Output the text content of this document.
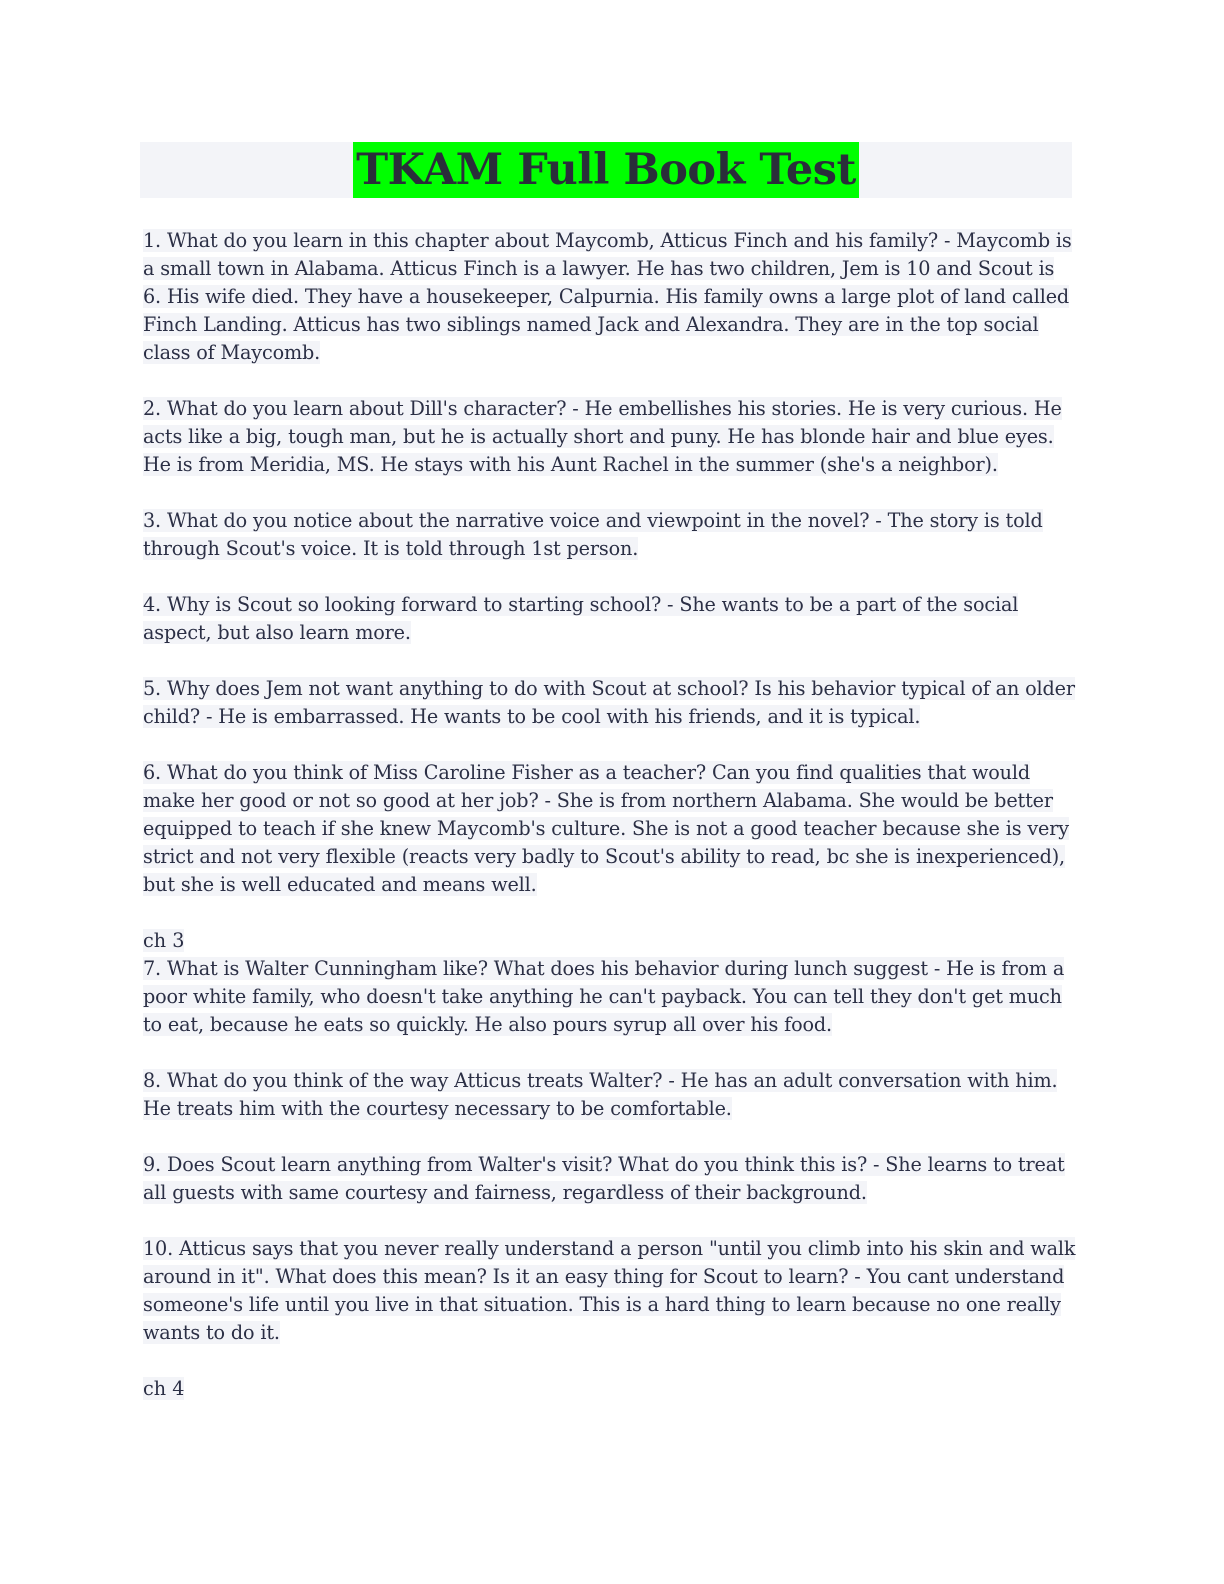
TKAM Full Book Test

1. What do you learn in this chapter about Maycomb, Atticus Finch and his family? - Maycomb is a small town in Alabama. Atticus Finch is a lawyer. He has two children, Jem is 10 and Scout is 6. His wife died. They have a housekeeper, Calpurnia. His family owns a large plot of land called Finch Landing. Atticus has two siblings named Jack and Alexandra. They are in the top social class of Maycomb.

2. What do you learn about Dill's character? - He embellishes his stories. He is very curious. He acts like a big, tough man, but he is actually short and puny. He has blonde hair and blue eyes. He is from Meridia, MS. He stays with his Aunt Rachel in the summer (she's a neighbor).

3. What do you notice about the narrative voice and viewpoint in the novel? - The story is told through Scout's voice. It is told through 1st person.

4. Why is Scout so looking forward to starting school? - She wants to be a part of the social aspect, but also learn more.

5. Why does Jem not want anything to do with Scout at school? Is his behavior typical of an older child? - He is embarrassed. He wants to be cool with his friends, and it is typical.

6. What do you think of Miss Caroline Fisher as a teacher? Can you find qualities that would make her good or not so good at her job? - She is from northern Alabama. She would be better equipped to teach if she knew Maycomb's culture. She is not a good teacher because she is very strict and not very flexible (reacts very badly to Scout's ability to read, bc she is inexperienced), but she is well educated and means well.

ch 3

7. What is Walter Cunningham like? What does his behavior during lunch suggest - He is from a poor white family, who doesn't take anything he can't payback. You can tell they don't get much to eat, because he eats so quickly. He also pours syrup all over his food.

8. What do you think of the way Atticus treats Walter? - He has an adult conversation with him. He treats him with the courtesy necessary to be comfortable.

9. Does Scout learn anything from Walter's visit? What do you think this is? - She learns to treat all guests with same courtesy and fairness, regardless of their background.

10. Atticus says that you never really understand a person "until you climb into his skin and walk around in it". What does this mean? Is it an easy thing for Scout to learn? - You cant understand someone's life until you live in that situation. This is a hard thing to learn because no one really wants to do it.

ch 4
